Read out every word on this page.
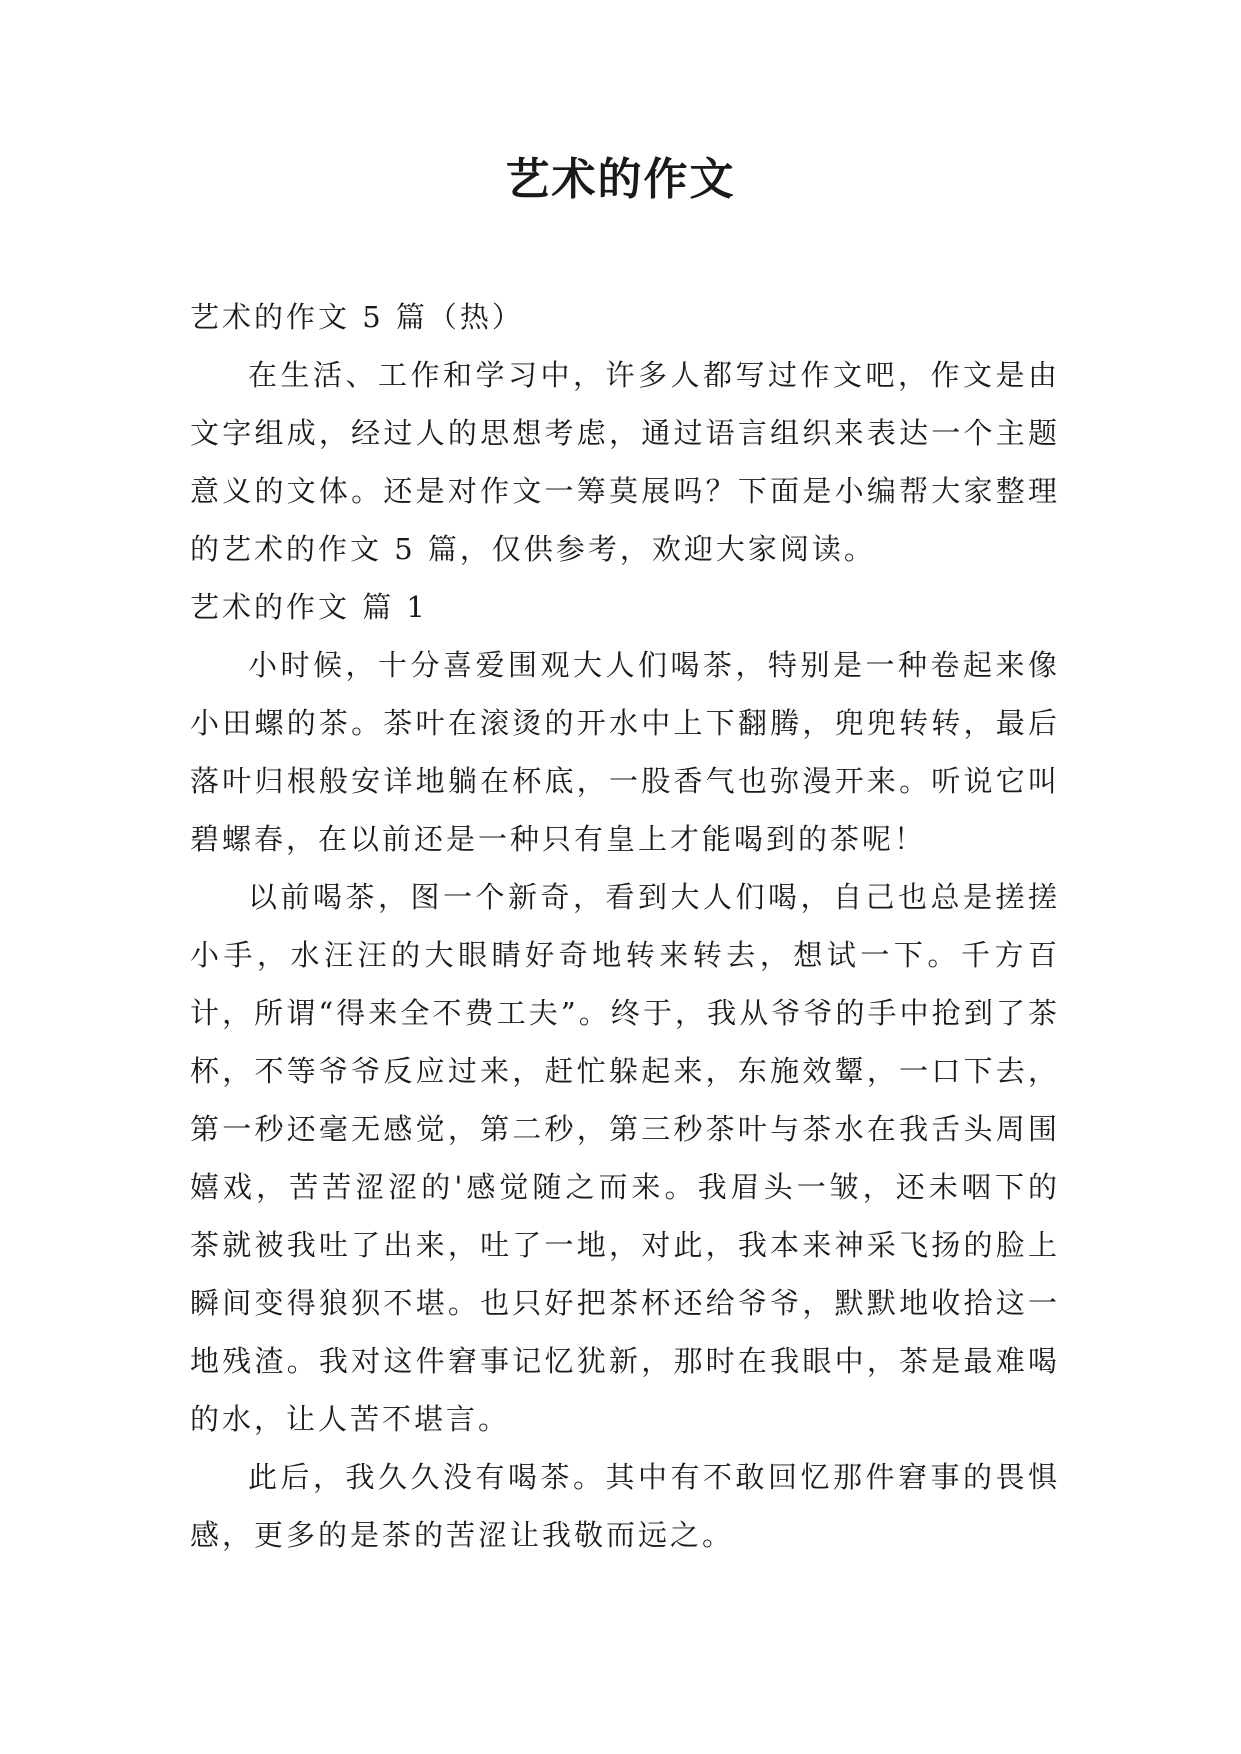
艺术的作文

艺术的作文 5 篇（热）

在生活、工作和学习中，许多人都写过作文吧，作文是由文字组成，经过人的思想考虑，通过语言组织来表达一个主题意义的文体。还是对作文一筹莫展吗？下面是小编帮大家整理的艺术的作文 5 篇，仅供参考，欢迎大家阅读。

艺术的作文 篇 1

小时候，十分喜爱围观大人们喝茶，特别是一种卷起来像小田螺的茶。茶叶在滚烫的开水中上下翻腾，兜兜转转，最后落叶归根般安详地躺在杯底，一股香气也弥漫开来。听说它叫碧螺春，在以前还是一种只有皇上才能喝到的茶呢！

以前喝茶，图一个新奇，看到大人们喝，自己也总是搓搓小手，水汪汪的大眼睛好奇地转来转去，想试一下。千方百计，所谓“得来全不费工夫”。终于，我从爷爷的手中抢到了茶杯，不等爷爷反应过来，赶忙躲起来，东施效颦，一口下去，第一秒还毫无感觉，第二秒，第三秒茶叶与茶水在我舌头周围嬉戏，苦苦涩涩的'感觉随之而来。我眉头一皱，还未咽下的茶就被我吐了出来，吐了一地，对此，我本来神采飞扬的脸上瞬间变得狼狈不堪。也只好把茶杯还给爷爷，默默地收拾这一地残渣。我对这件窘事记忆犹新，那时在我眼中，茶是最难喝的水，让人苦不堪言。

此后，我久久没有喝茶。其中有不敢回忆那件窘事的畏惧感，更多的是茶的苦涩让我敬而远之。
